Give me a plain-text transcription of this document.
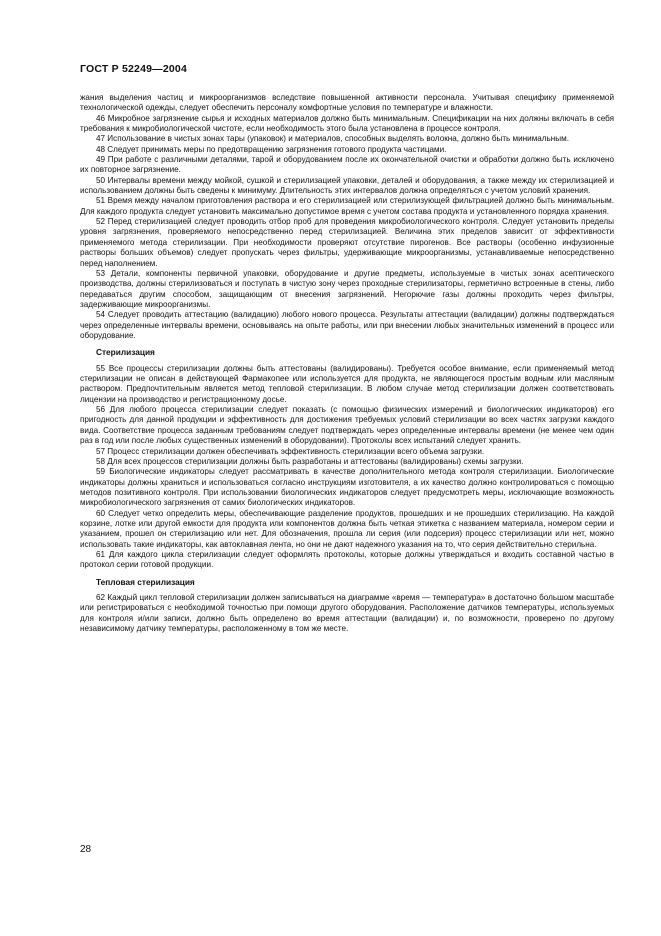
ГОСТ Р 52249—2004

жания выделения частиц и микроорганизмов вследствие повышенной активности персонала. Учитывая специфику применяемой технологической одежды, следует обеспечить персоналу комфортные условия по температуре и влажности.

46 Микробное загрязнение сырья и исходных материалов должно быть минимальным. Спецификации на них должны включать в себя требования к микробиологической чистоте, если необходимость этого была установлена в процессе контроля.

47 Использование в чистых зонах тары (упаковок) и материалов, способных выделять волокна, должно быть минимальным.

48 Следует принимать меры по предотвращению загрязнения готового продукта частицами.

49 При работе с различными деталями, тарой и оборудованием после их окончательной очистки и обработки должно быть исключено их повторное загрязнение.

50 Интервалы времени между мойкой, сушкой и стерилизацией упаковки, деталей и оборудования, а также между их стерилизацией и использованием должны быть сведены к минимуму. Длительность этих интервалов должна определяться с учетом условий хранения.

51 Время между началом приготовления раствора и его стерилизацией или стерилизующей фильтрацией должно быть минимальным. Для каждого продукта следует установить максимально допустимое время с учетом состава продукта и установленного порядка хранения.

52 Перед стерилизацией следует проводить отбор проб для проведения микробиологического контроля. Следует установить пределы уровня загрязнения, проверяемого непосредственно перед стерилизацией. Величина этих пределов зависит от эффективности применяемого метода стерилизации. При необходимости проверяют отсутствие пирогенов. Все растворы (особенно инфузионные растворы больших объемов) следует пропускать через фильтры, удерживающие микроорганизмы, устанавливаемые непосредственно перед наполнением.

53 Детали, компоненты первичной упаковки, оборудование и другие предметы, используемые в чистых зонах асептического производства, должны стерилизоваться и поступать в чистую зону через проходные стерилизаторы, герметично встроенные в стены, либо передаваться другим способом, защищающим от внесения загрязнений. Негорючие газы должны проходить через фильтры, задерживающие микроорганизмы.

54 Следует проводить аттестацию (валидацию) любого нового процесса. Результаты аттестации (валидации) должны подтверждаться через определенные интервалы времени, основываясь на опыте работы, или при внесении любых значительных изменений в процесс или оборудование.

Стерилизация

55 Все процессы стерилизации должны быть аттестованы (валидированы). Требуется особое внимание, если применяемый метод стерилизации не описан в действующей Фармакопее или используется для продукта, не являющегося простым водным или масляным раствором. Предпочтительным является метод тепловой стерилизации. В любом случае метод стерилизации должен соответствовать лицензии на производство и регистрационному досье.

56 Для любого процесса стерилизации следует показать (с помощью физических измерений и биологических индикаторов) его пригодность для данной продукции и эффективность для достижения требуемых условий стерилизации во всех частях загрузки каждого вида. Соответствие процесса заданным требованиям следует подтверждать через определенные интервалы времени (не менее чем один раз в год или после любых существенных изменений в оборудовании). Протоколы всех испытаний следует хранить.

57 Процесс стерилизации должен обеспечивать эффективность стерилизации всего объема загрузки.

58 Для всех процессов стерилизации должны быть разработаны и аттестованы (валидированы) схемы загрузки.

59 Биологические индикаторы следует рассматривать в качестве дополнительного метода контроля стерилизации. Биологические индикаторы должны храниться и использоваться согласно инструкциям изготовителя, а их качество должно контролироваться с помощью методов позитивного контроля. При использовании биологических индикаторов следует предусмотреть меры, исключающие возможность микробиологического загрязнения от самих биологических индикаторов.

60 Следует четко определить меры, обеспечивающие разделение продуктов, прошедших и не прошедших стерилизацию. На каждой корзине, лотке или другой емкости для продукта или компонентов должна быть четкая этикетка с названием материала, номером серии и указанием, прошел он стерилизацию или нет. Для обозначения, прошла ли серия (или подсерия) процесс стерилизации или нет, можно использовать такие индикаторы, как автоклавная лента, но они не дают надежного указания на то, что серия действительно стерильна.

61 Для каждого цикла стерилизации следует оформлять протоколы, которые должны утверждаться и входить составной частью в протокол серии готовой продукции.

Тепловая стерилизация

62 Каждый цикл тепловой стерилизации должен записываться на диаграмме «время — температура» в достаточно большом масштабе или регистрироваться с необходимой точностью при помощи другого оборудования. Расположение датчиков температуры, используемых для контроля и/или записи, должно быть определено во время аттестации (валидации) и, по возможности, проверено по другому независимому датчику температуры, расположенному в том же месте.

28
